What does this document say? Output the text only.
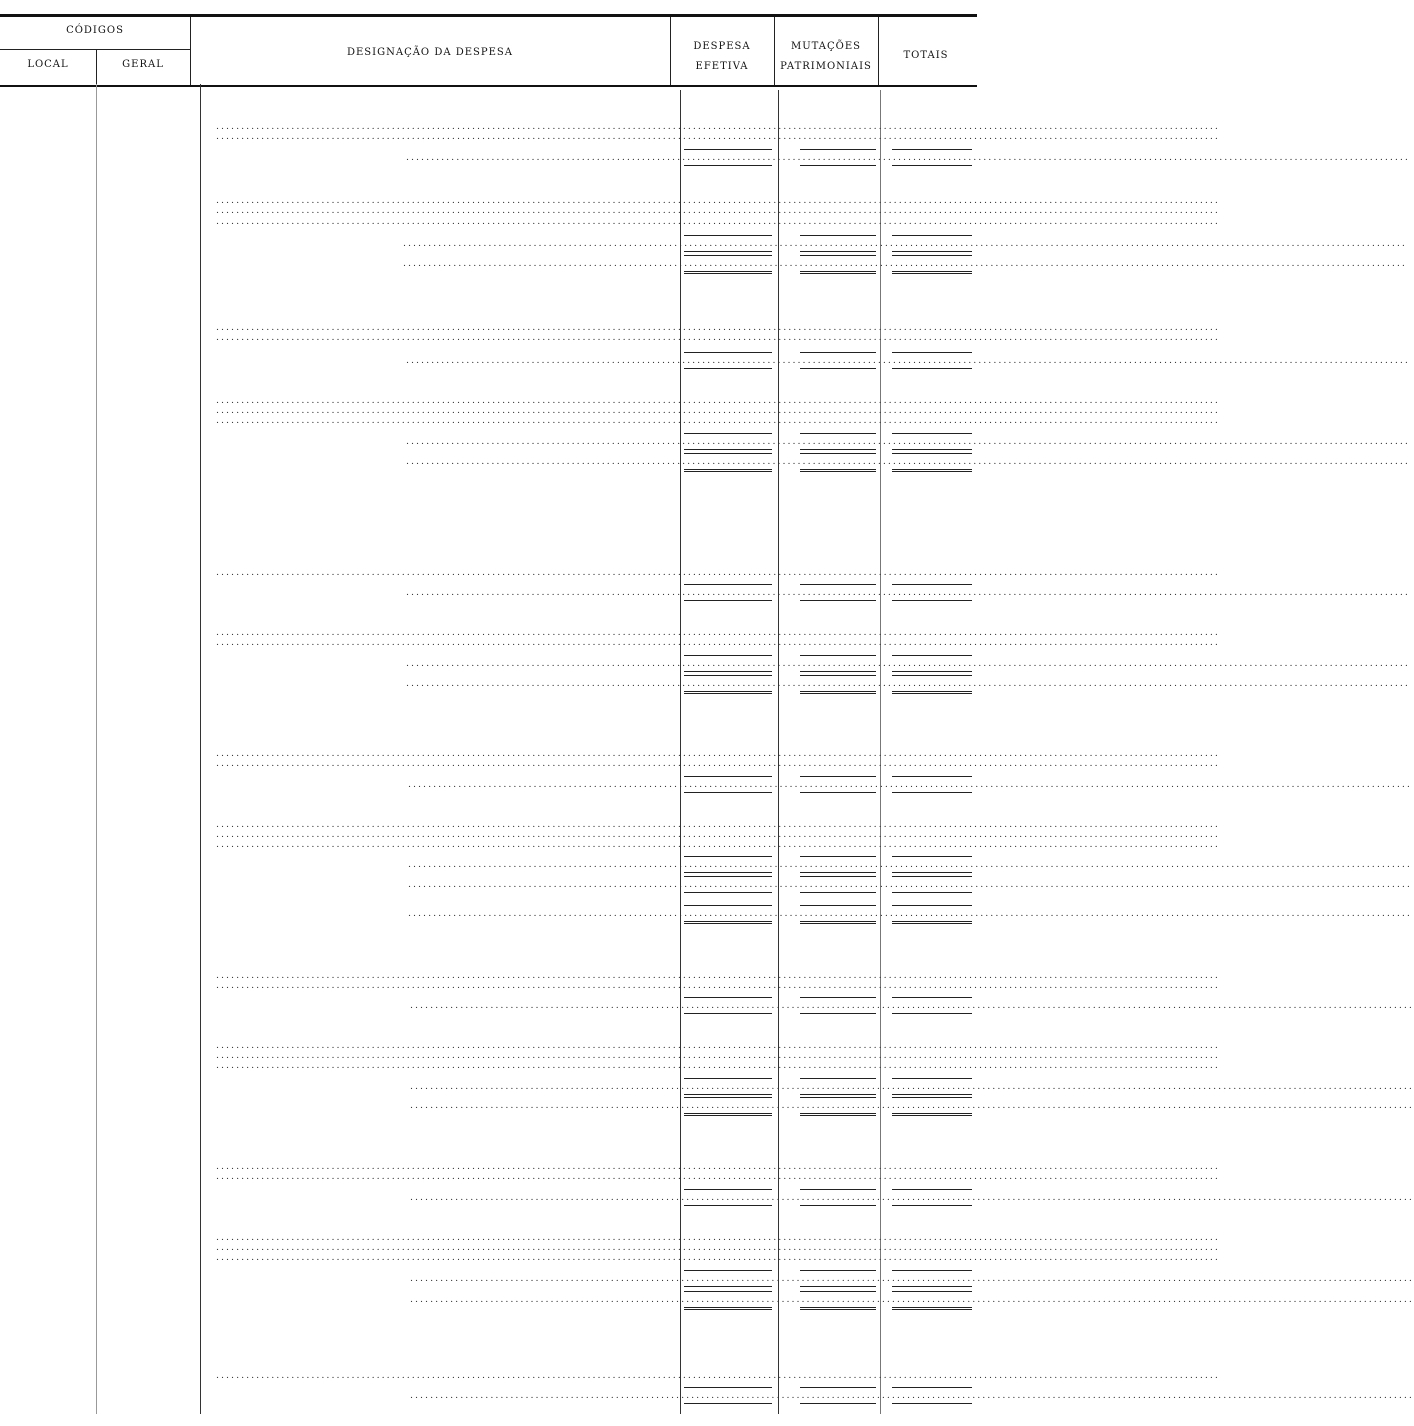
CÓDIGOS
LOCAL	GERAL
DESIGNAÇÃO DA DESPESA
DESPESA
EFETIVA
MUTAÇÕES
PATRIMONIAIS
TOTAIS
........................................................................................................................................................................................................
........................................................................................................................................................................................................
........................................................................................................................................................................................................
........................................................................................................................................................................................................
........................................................................................................................................................................................................
........................................................................................................................................................................................................
........................................................................................................................................................................................................
........................................................................................................................................................................................................
........................................................................................................................................................................................................
........................................................................................................................................................................................................
........................................................................................................................................................................................................
........................................................................................................................................................................................................
........................................................................................................................................................................................................
........................................................................................................................................................................................................
........................................................................................................................................................................................................
........................................................................................................................................................................................................
........................................................................................................................................................................................................
........................................................................................................................................................................................................
........................................................................................................................................................................................................
........................................................................................................................................................................................................
........................................................................................................................................................................................................
........................................................................................................................................................................................................
........................................................................................................................................................................................................
........................................................................................................................................................................................................
........................................................................................................................................................................................................
........................................................................................................................................................................................................
........................................................................................................................................................................................................
........................................................................................................................................................................................................
........................................................................................................................................................................................................
........................................................................................................................................................................................................
........................................................................................................................................................................................................
........................................................................................................................................................................................................
........................................................................................................................................................................................................
........................................................................................................................................................................................................
........................................................................................................................................................................................................
........................................................................................................................................................................................................
........................................................................................................................................................................................................
........................................................................................................................................................................................................
........................................................................................................................................................................................................
........................................................................................................................................................................................................
........................................................................................................................................................................................................
........................................................................................................................................................................................................
........................................................................................................................................................................................................
........................................................................................................................................................................................................
........................................................................................................................................................................................................
........................................................................................................................................................................................................
........................................................................................................................................................................................................
........................................................................................................................................................................................................
........................................................................................................................................................................................................
